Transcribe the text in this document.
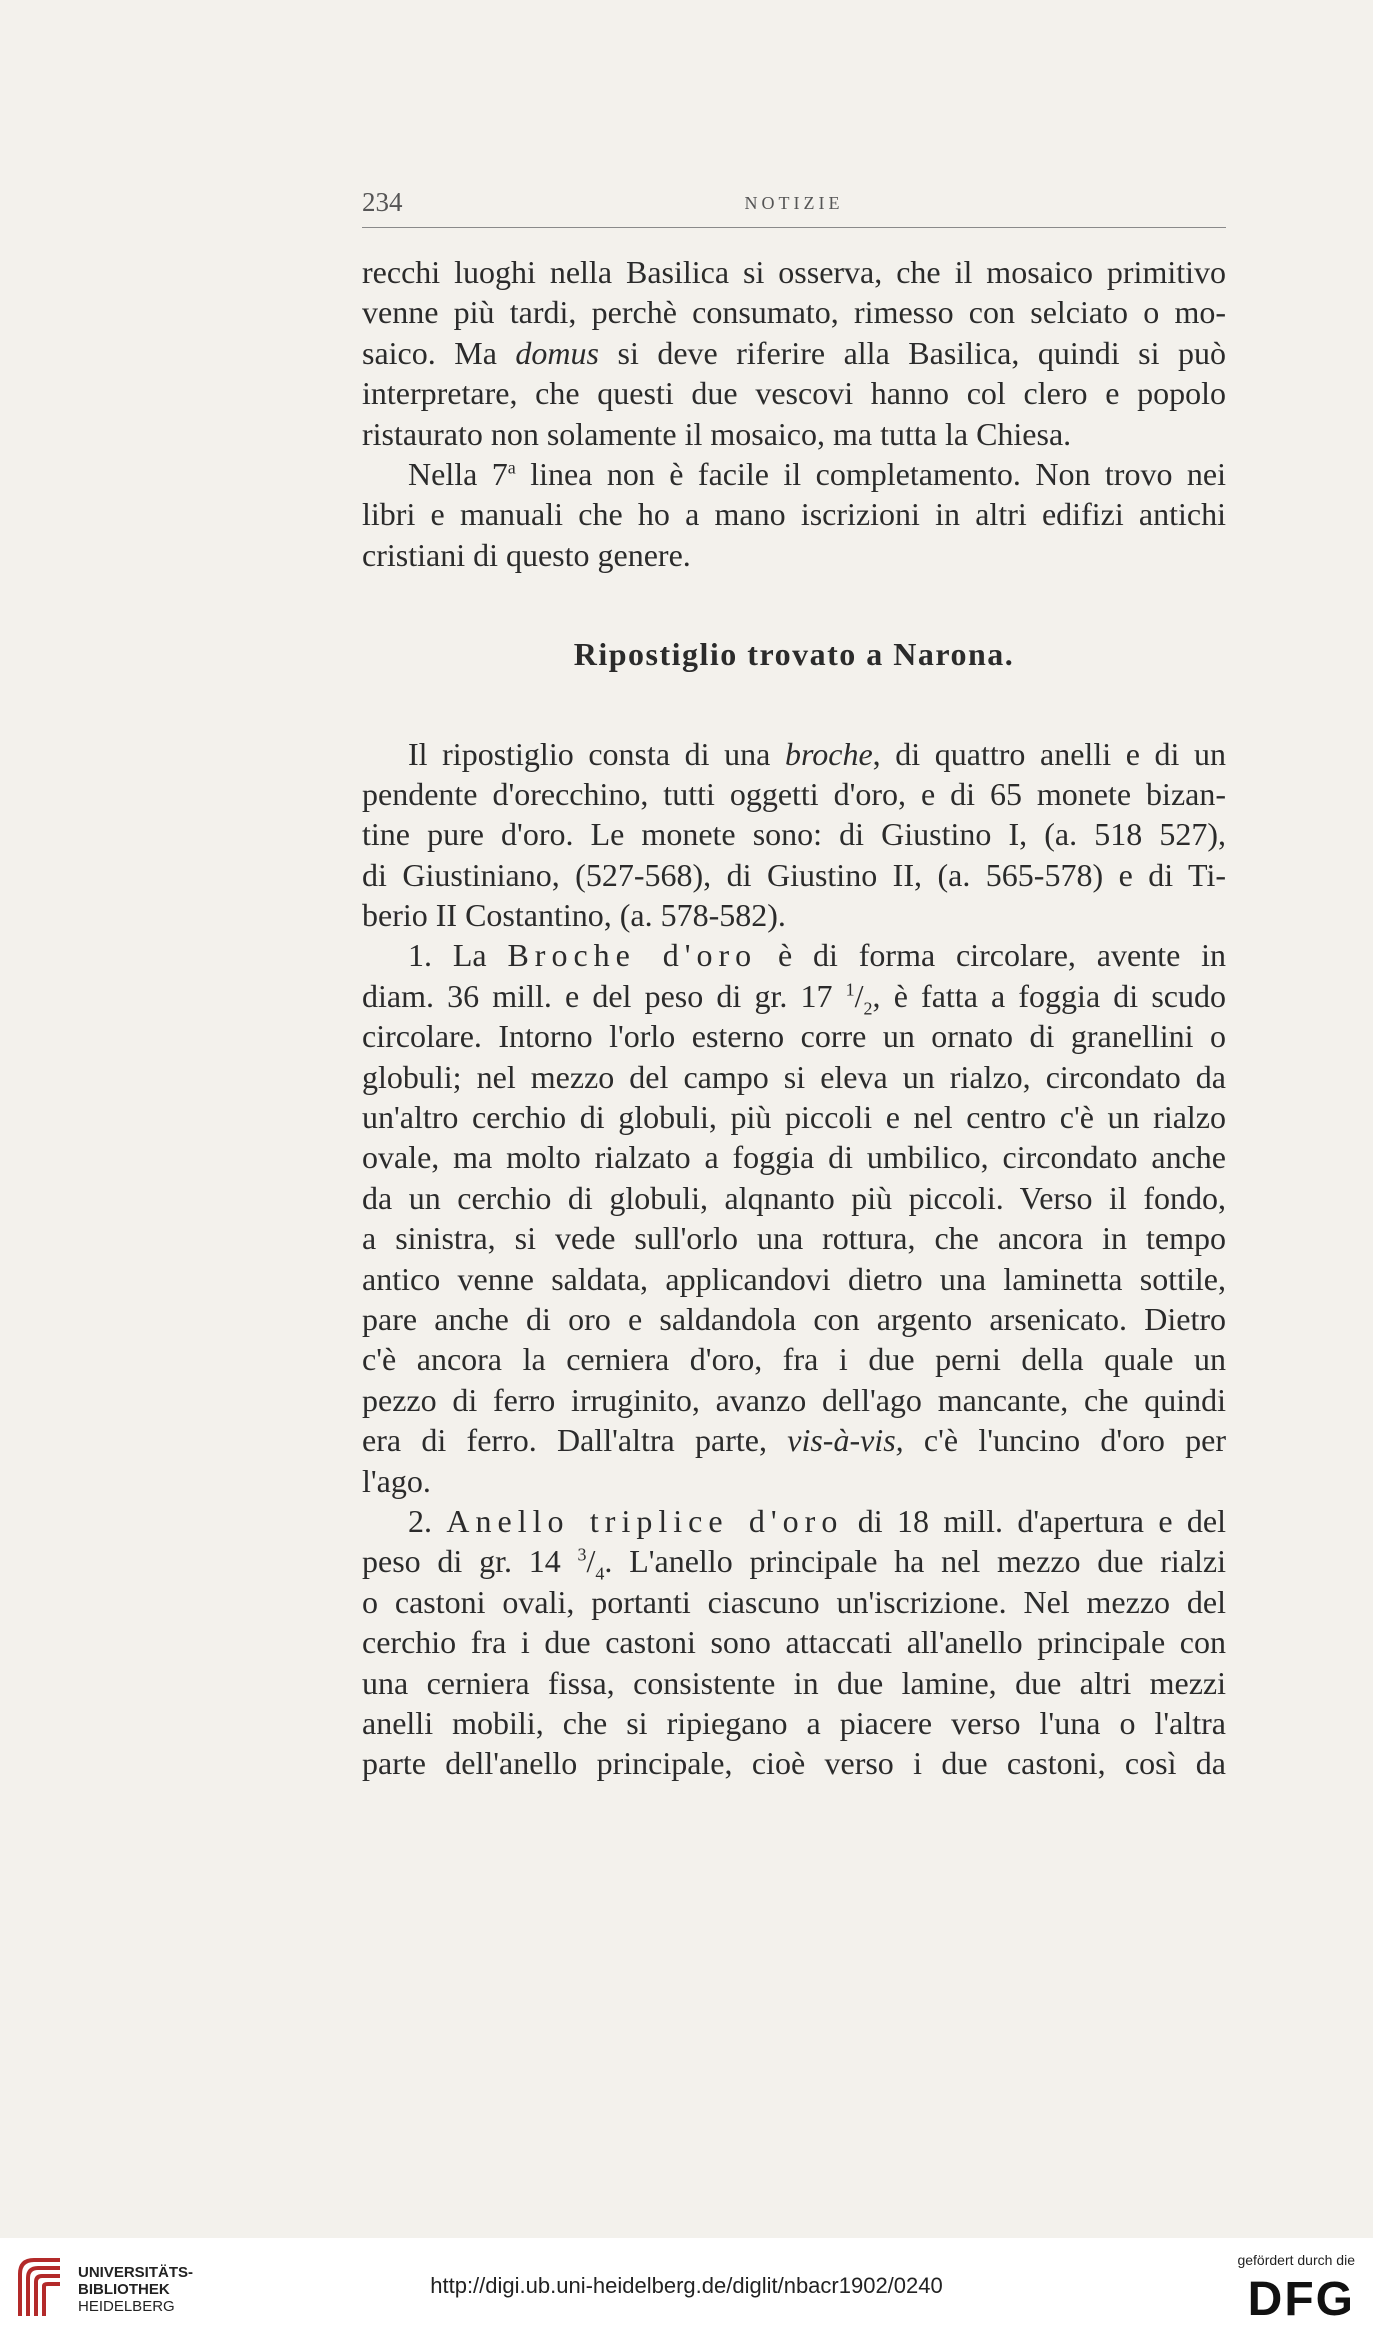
234	NOTIZIE
recchi luoghi nella Basilica si osserva, che il mosaico primitivo
venne più tardi, perchè consumato, rimesso con selciato o mo-
saico. Ma domus si deve riferire alla Basilica, quindi si può
interpretare, che questi due vescovi hanno col clero e popolo
ristaurato non solamente il mosaico, ma tutta la Chiesa.
Nella 7$^a$ linea non è facile il completamento. Non trovo nei
libri e manuali che ho a mano iscrizioni in altri edifizi antichi
cristiani di questo genere.
Ripostiglio trovato a Narona.
Il ripostiglio consta di una broche, di quattro anelli e di un
pendente d'orecchino, tutti oggetti d'oro, e di 65 monete bizan-
tine pure d'oro. Le monete sono: di Giustino I, (a. 518 527),
di Giustiniano, (527-568), di Giustino II, (a. 565-578) e di Ti-
berio II Costantino, (a. 578-582).
1. La Broche d'oro è di forma circolare, avente in
diam. 36 mill. e del peso di gr. 17 $^1/_2$, è fatta a foggia di scudo
circolare. Intorno l'orlo esterno corre un ornato di granellini o
globuli; nel mezzo del campo si eleva un rialzo, circondato da
un'altro cerchio di globuli, più piccoli e nel centro c'è un rialzo
ovale, ma molto rialzato a foggia di umbilico, circondato anche
da un cerchio di globuli, alqnanto più piccoli. Verso il fondo,
a sinistra, si vede sull'orlo una rottura, che ancora in tempo
antico venne saldata, applicandovi dietro una laminetta sottile,
pare anche di oro e saldandola con argento arsenicato. Dietro
c'è ancora la cerniera d'oro, fra i due perni della quale un
pezzo di ferro irruginito, avanzo dell'ago mancante, che quindi
era di ferro. Dall'altra parte, vis-à-vis, c'è l'uncino d'oro per
l'ago.
2. Anello triplice d'oro di 18 mill. d'apertura e del
peso di gr. 14 $^3/_4$. L'anello principale ha nel mezzo due rialzi
o castoni ovali, portanti ciascuno un'iscrizione. Nel mezzo del
cerchio fra i due castoni sono attaccati all'anello principale con
una cerniera fissa, consistente in due lamine, due altri mezzi
anelli mobili, che si ripiegano a piacere verso l'una o l'altra
parte dell'anello principale, cioè verso i due castoni, così da
UNIVERSITÄTS-
BIBLIOTHEK
HEIDELBERG
http://digi.ub.uni-heidelberg.de/diglit/nbacr1902/0240
gefördert durch die
DFG
